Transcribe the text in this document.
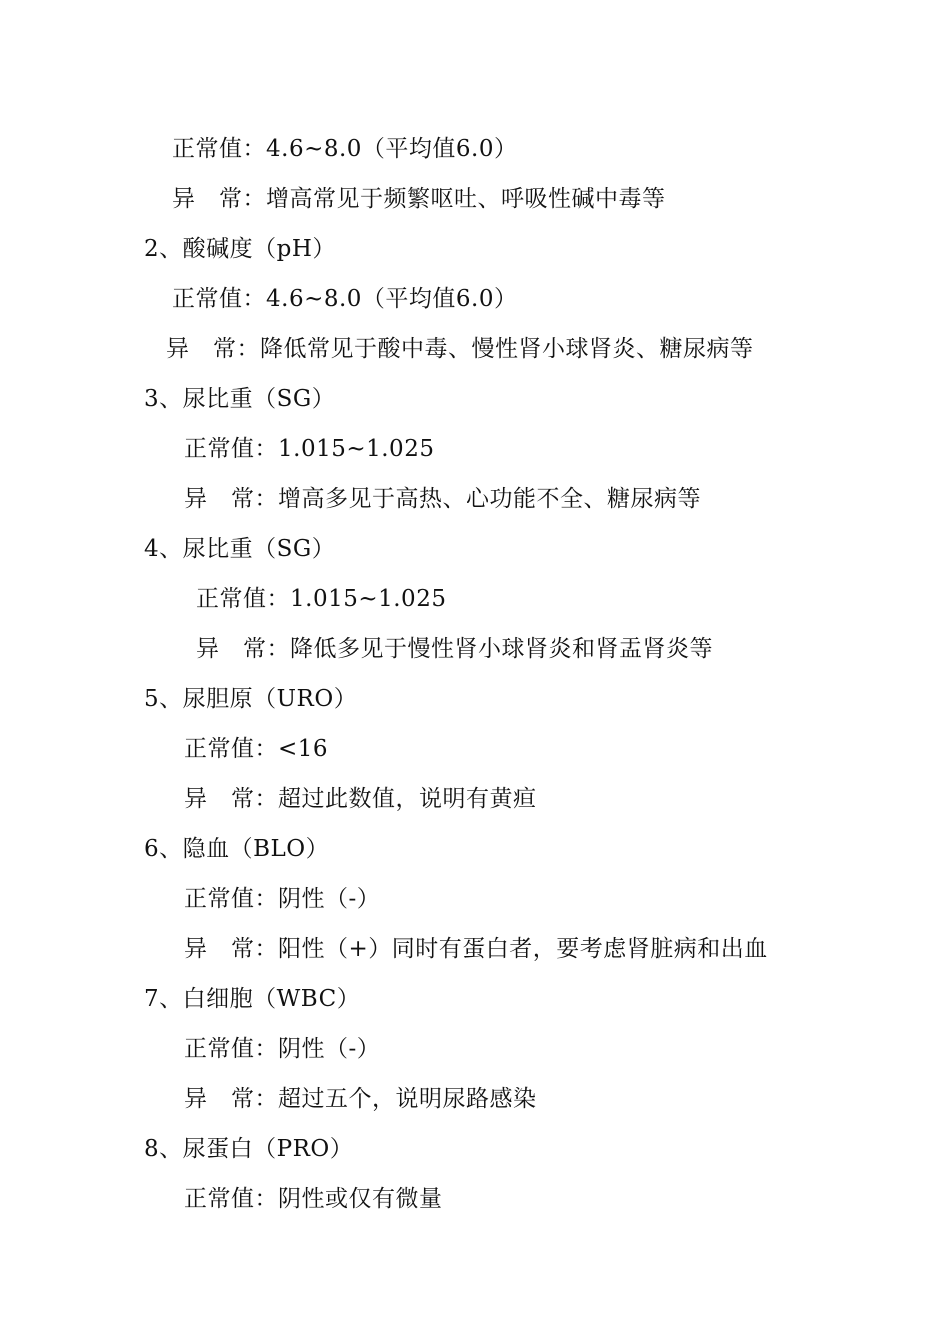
正常值：4.6~8.0（平均值6.0）
异　常：增高常见于频繁呕吐、呼吸性碱中毒等
2、酸碱度（pH）
正常值：4.6~8.0（平均值6.0）
异　常：降低常见于酸中毒、慢性肾小球肾炎、糖尿病等
3、尿比重（SG）
正常值：1.015~1.025
异　常：增高多见于高热、心功能不全、糖尿病等
4、尿比重（SG）
正常值：1.015~1.025
异　常：降低多见于慢性肾小球肾炎和肾盂肾炎等
5、尿胆原（URO）
正常值：<16
异　常：超过此数值，说明有黄疸
6、隐血（BLO）
正常值：阴性（-）
异　常：阳性（+）同时有蛋白者，要考虑肾脏病和出血
7、白细胞（WBC）
正常值：阴性（-）
异　常：超过五个，说明尿路感染
8、尿蛋白（PRO）
正常值：阴性或仅有微量
